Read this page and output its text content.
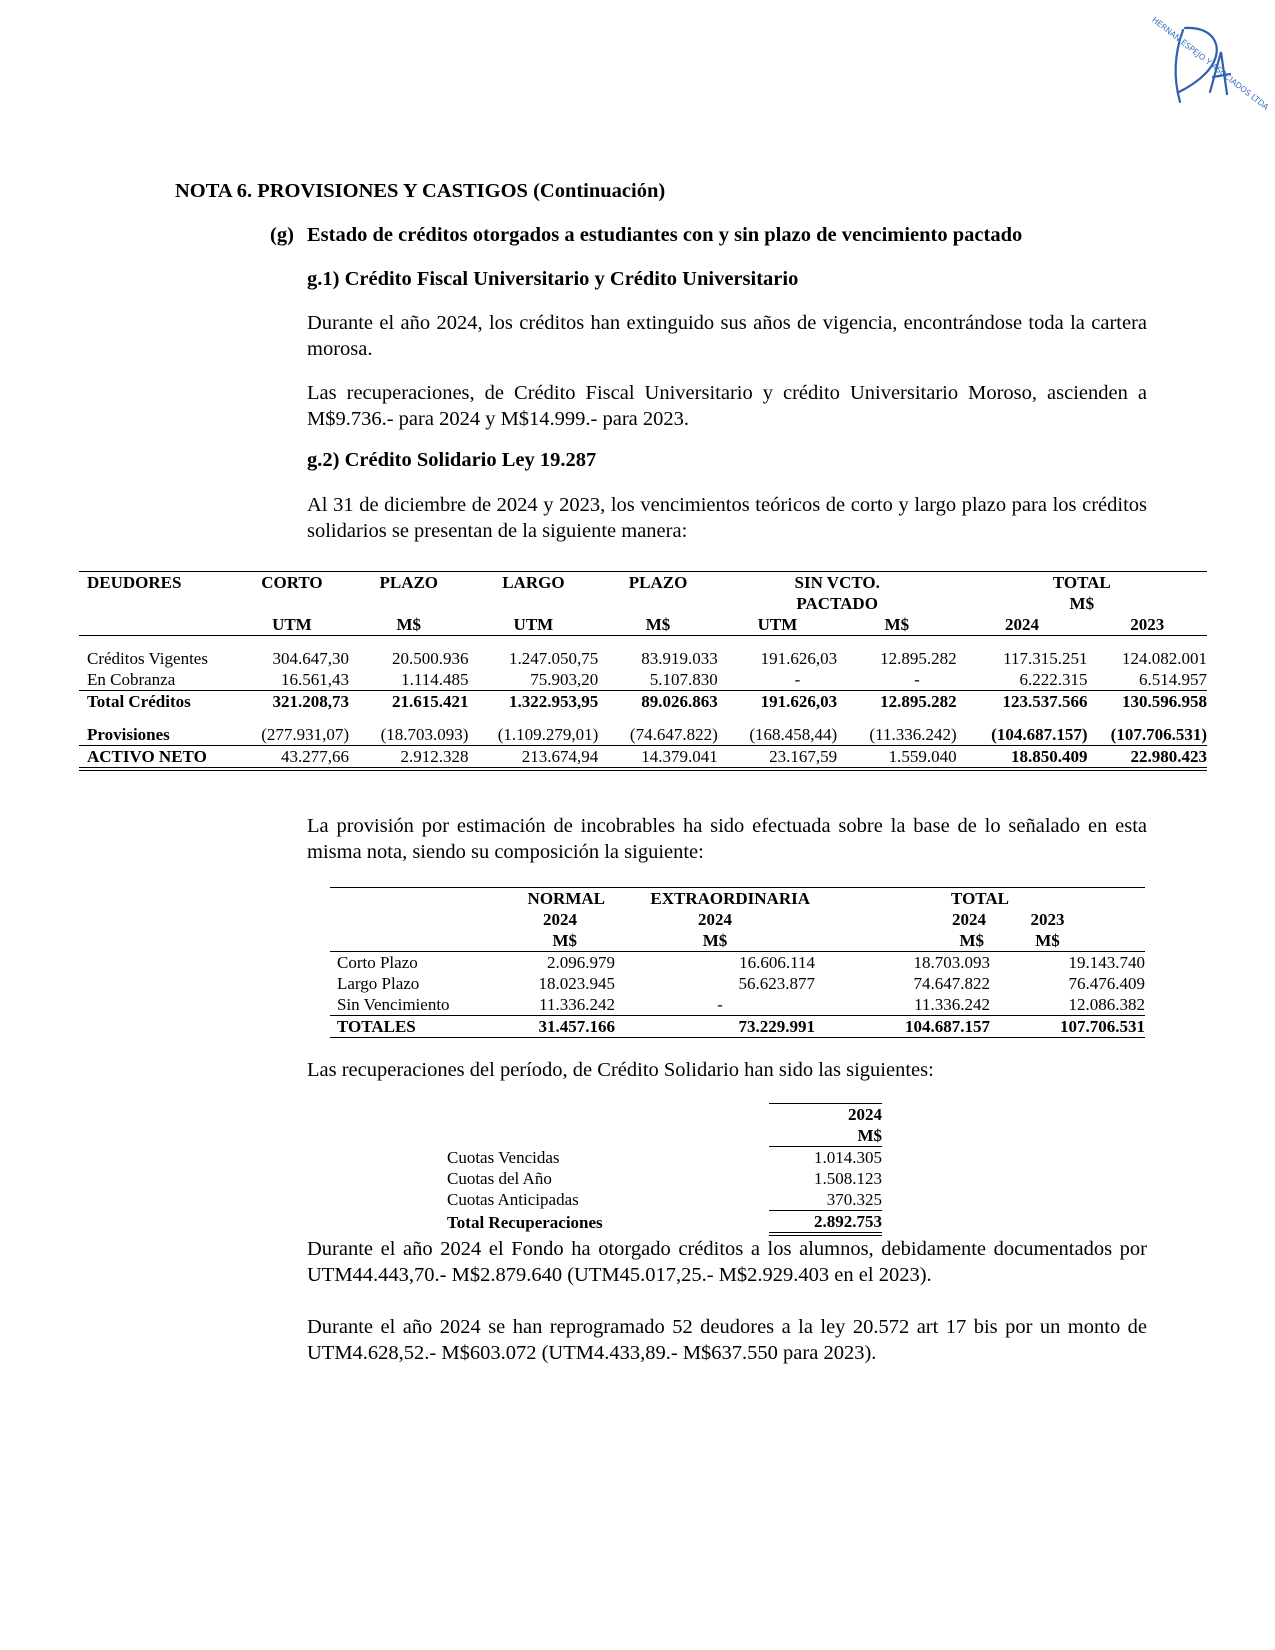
HERNAN ESPEJO Y ASOCIADOS LTDA
NOTA 6. PROVISIONES Y CASTIGOS (Continuación)
(g) Estado de créditos otorgados a estudiantes con y sin plazo de vencimiento pactado
g.1) Crédito Fiscal Universitario y Crédito Universitario
Durante el año 2024, los créditos han extinguido sus años de vigencia, encontrándose toda la cartera morosa.
Las recuperaciones, de Crédito Fiscal Universitario y crédito Universitario Moroso, ascienden a M$9.736.- para 2024 y M$14.999.- para 2023.
g.2) Crédito Solidario Ley 19.287
Al 31 de diciembre de 2024 y 2023, los vencimientos teóricos de corto y largo plazo para los créditos solidarios se presentan de la siguiente manera:
DEUDORES	CORTO	PLAZO	LARGO	PLAZO	SIN VCTO.		TOTAL	
					PACTADO		M$	
	UTM	M$	UTM	M$	UTM	M$	2024	2023

Créditos Vigentes	304.647,30	20.500.936	1.247.050,75	83.919.033	191.626,03	12.895.282	117.315.251	124.082.001
En Cobranza	16.561,43	1.114.485	75.903,20	5.107.830	-	-	6.222.315	6.514.957
Total Créditos	321.208,73	21.615.421	1.322.953,95	89.026.863	191.626,03	12.895.282	123.537.566	130.596.958

Provisiones	(277.931,07)	(18.703.093)	(1.109.279,01)	(74.647.822)	(168.458,44)	(11.336.242)	(104.687.157)	(107.706.531)
ACTIVO NETO	43.277,66	2.912.328	213.674,94	14.379.041	23.167,59	1.559.040	18.850.409	22.980.423
La provisión por estimación de incobrables ha sido efectuada sobre la base de lo señalado en esta misma nota, siendo su composición la siguiente:
	NORMAL	EXTRAORDINARIA	TOTAL	
	2024	2024	2024	2023
	M$	M$	M$	M$
Corto Plazo	2.096.979	16.606.114	18.703.093	19.143.740
Largo Plazo	18.023.945	56.623.877	74.647.822	76.476.409
Sin Vencimiento	11.336.242	-	11.336.242	12.086.382
TOTALES	31.457.166	73.229.991	104.687.157	107.706.531
Las recuperaciones del período, de Crédito Solidario han sido las siguientes:
	2024
	M$
Cuotas Vencidas	1.014.305
Cuotas del Año	1.508.123
Cuotas Anticipadas	370.325
Total Recuperaciones	2.892.753
Durante el año 2024 el Fondo ha otorgado créditos a los alumnos, debidamente documentados por UTM44.443,70.- M$2.879.640 (UTM45.017,25.- M$2.929.403 en el 2023).
Durante el año 2024 se han reprogramado 52 deudores a la ley 20.572 art 17 bis por un monto de UTM4.628,52.- M$603.072 (UTM4.433,89.- M$637.550 para 2023).
